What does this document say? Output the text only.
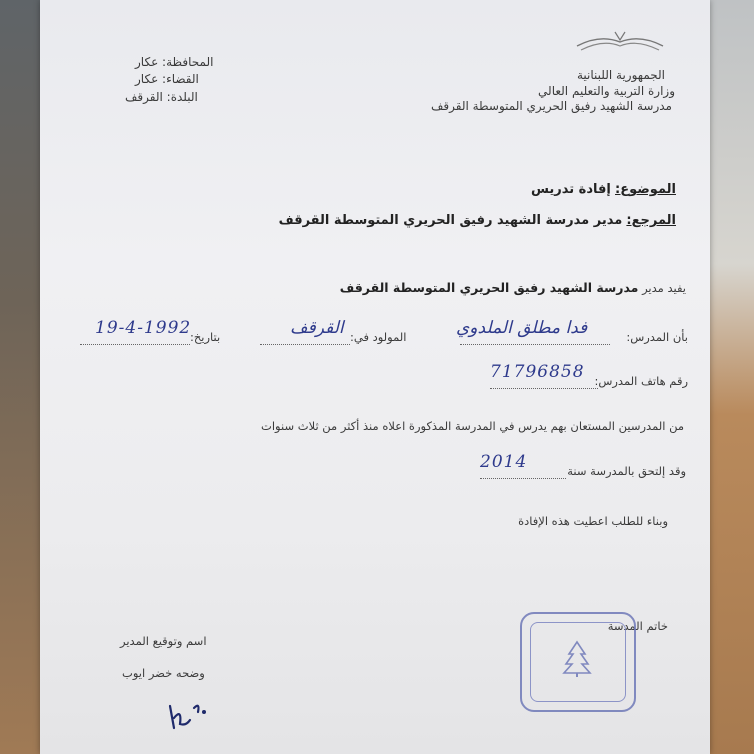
الجمهورية اللبنانية
وزارة التربية والتعليم العالي
مدرسة الشهيد رفيق الحريري المتوسطة القرقف
المحافظة: عكار
القضاء: عكار
البلدة: القرقف
الموضوع: إفادة تدريس
المرجع: مدير مدرسة الشهيد رفيق الحريري المتوسطة القرقف
يفيد مدير مدرسة الشهيد رفيق الحريري المتوسطة القرقف
بأن المدرس:
فدا مطلق الملدوي
المولود في:
القرقف
بتاريخ:
19-4-1992
رقم هاتف المدرس:
71796858
من المدرسين المستعان بهم يدرس في المدرسة المذكورة اعلاه منذ أكثر من ثلاث سنوات
وقد إلتحق بالمدرسة سنة
2014
وبناء للطلب اعطيت هذه الإفادة
خاتم المدسة
اسم وتوقيع المدير
وضحه خضر ايوب
